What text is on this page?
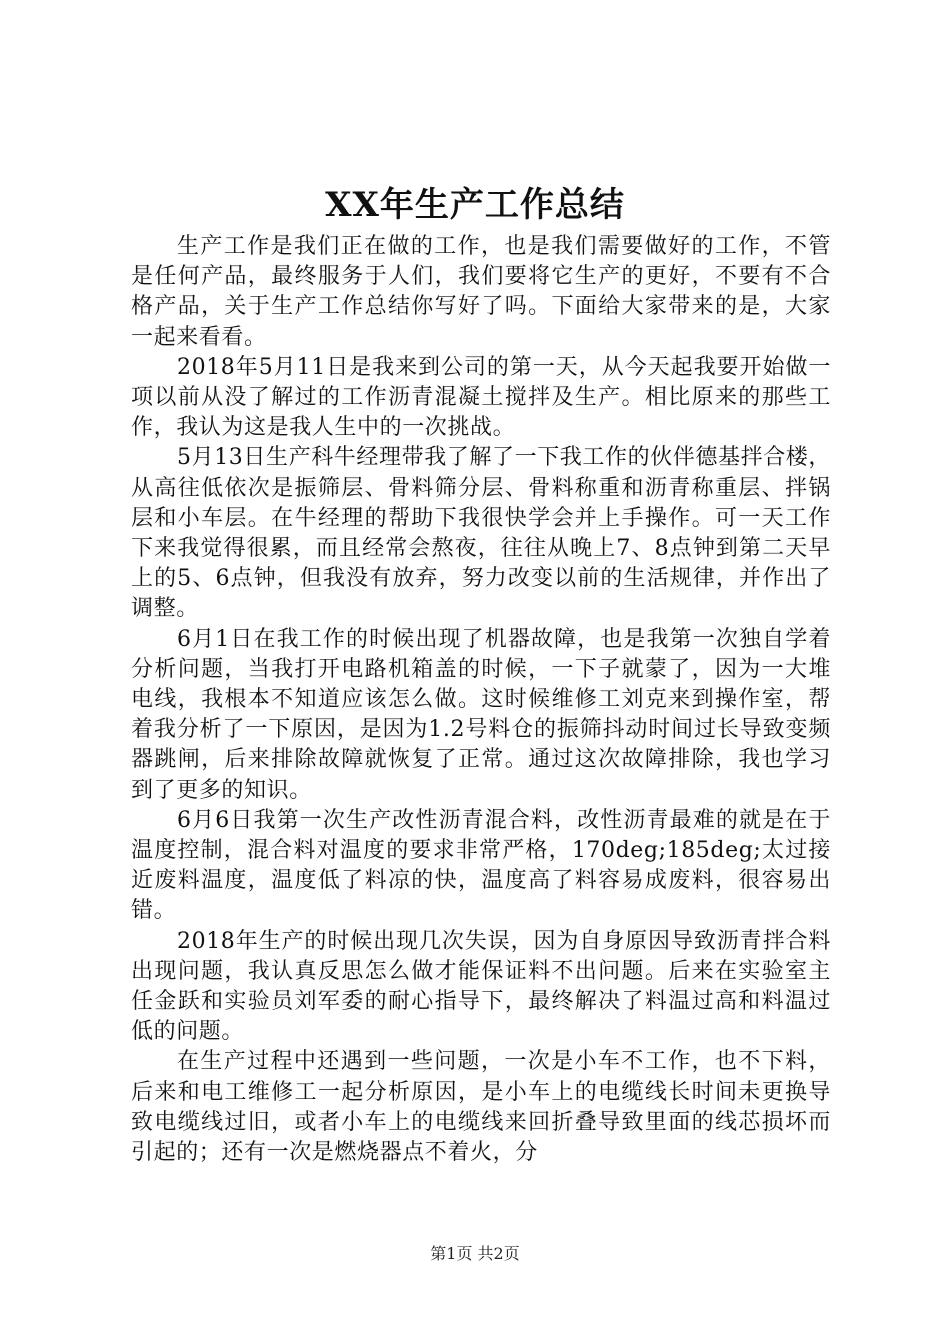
XX年生产工作总结

生产工作是我们正在做的工作，也是我们需要做好的工作，不管是任何产品，最终服务于人们，我们要将它生产的更好，不要有不合格产品，关于生产工作总结你写好了吗。下面给大家带来的是，大家一起来看看。

2018年5月11日是我来到公司的第一天，从今天起我要开始做一项以前从没了解过的工作沥青混凝土搅拌及生产。相比原来的那些工作，我认为这是我人生中的一次挑战。

5月13日生产科牛经理带我了解了一下我工作的伙伴德基拌合楼，从高往低依次是振筛层、骨料筛分层、骨料称重和沥青称重层、拌锅层和小车层。在牛经理的帮助下我很快学会并上手操作。可一天工作下来我觉得很累，而且经常会熬夜，往往从晚上7、8点钟到第二天早上的5、6点钟，但我没有放弃，努力改变以前的生活规律，并作出了调整。

6月1日在我工作的时候出现了机器故障，也是我第一次独自学着分析问题，当我打开电路机箱盖的时候，一下子就蒙了，因为一大堆电线，我根本不知道应该怎么做。这时候维修工刘克来到操作室，帮着我分析了一下原因，是因为1.2号料仓的振筛抖动时间过长导致变频器跳闸，后来排除故障就恢复了正常。通过这次故障排除，我也学习到了更多的知识。

6月6日我第一次生产改性沥青混合料，改性沥青最难的就是在于温度控制，混合料对温度的要求非常严格，170deg;185deg;太过接近废料温度，温度低了料凉的快，温度高了料容易成废料，很容易出错。

2018年生产的时候出现几次失误，因为自身原因导致沥青拌合料出现问题，我认真反思怎么做才能保证料不出问题。后来在实验室主任金跃和实验员刘军委的耐心指导下，最终解决了料温过高和料温过低的问题。

在生产过程中还遇到一些问题，一次是小车不工作，也不下料，后来和电工维修工一起分析原因，是小车上的电缆线长时间未更换导致电缆线过旧，或者小车上的电缆线来回折叠导致里面的线芯损坏而引起的；还有一次是燃烧器点不着火，分

第1页 共2页
